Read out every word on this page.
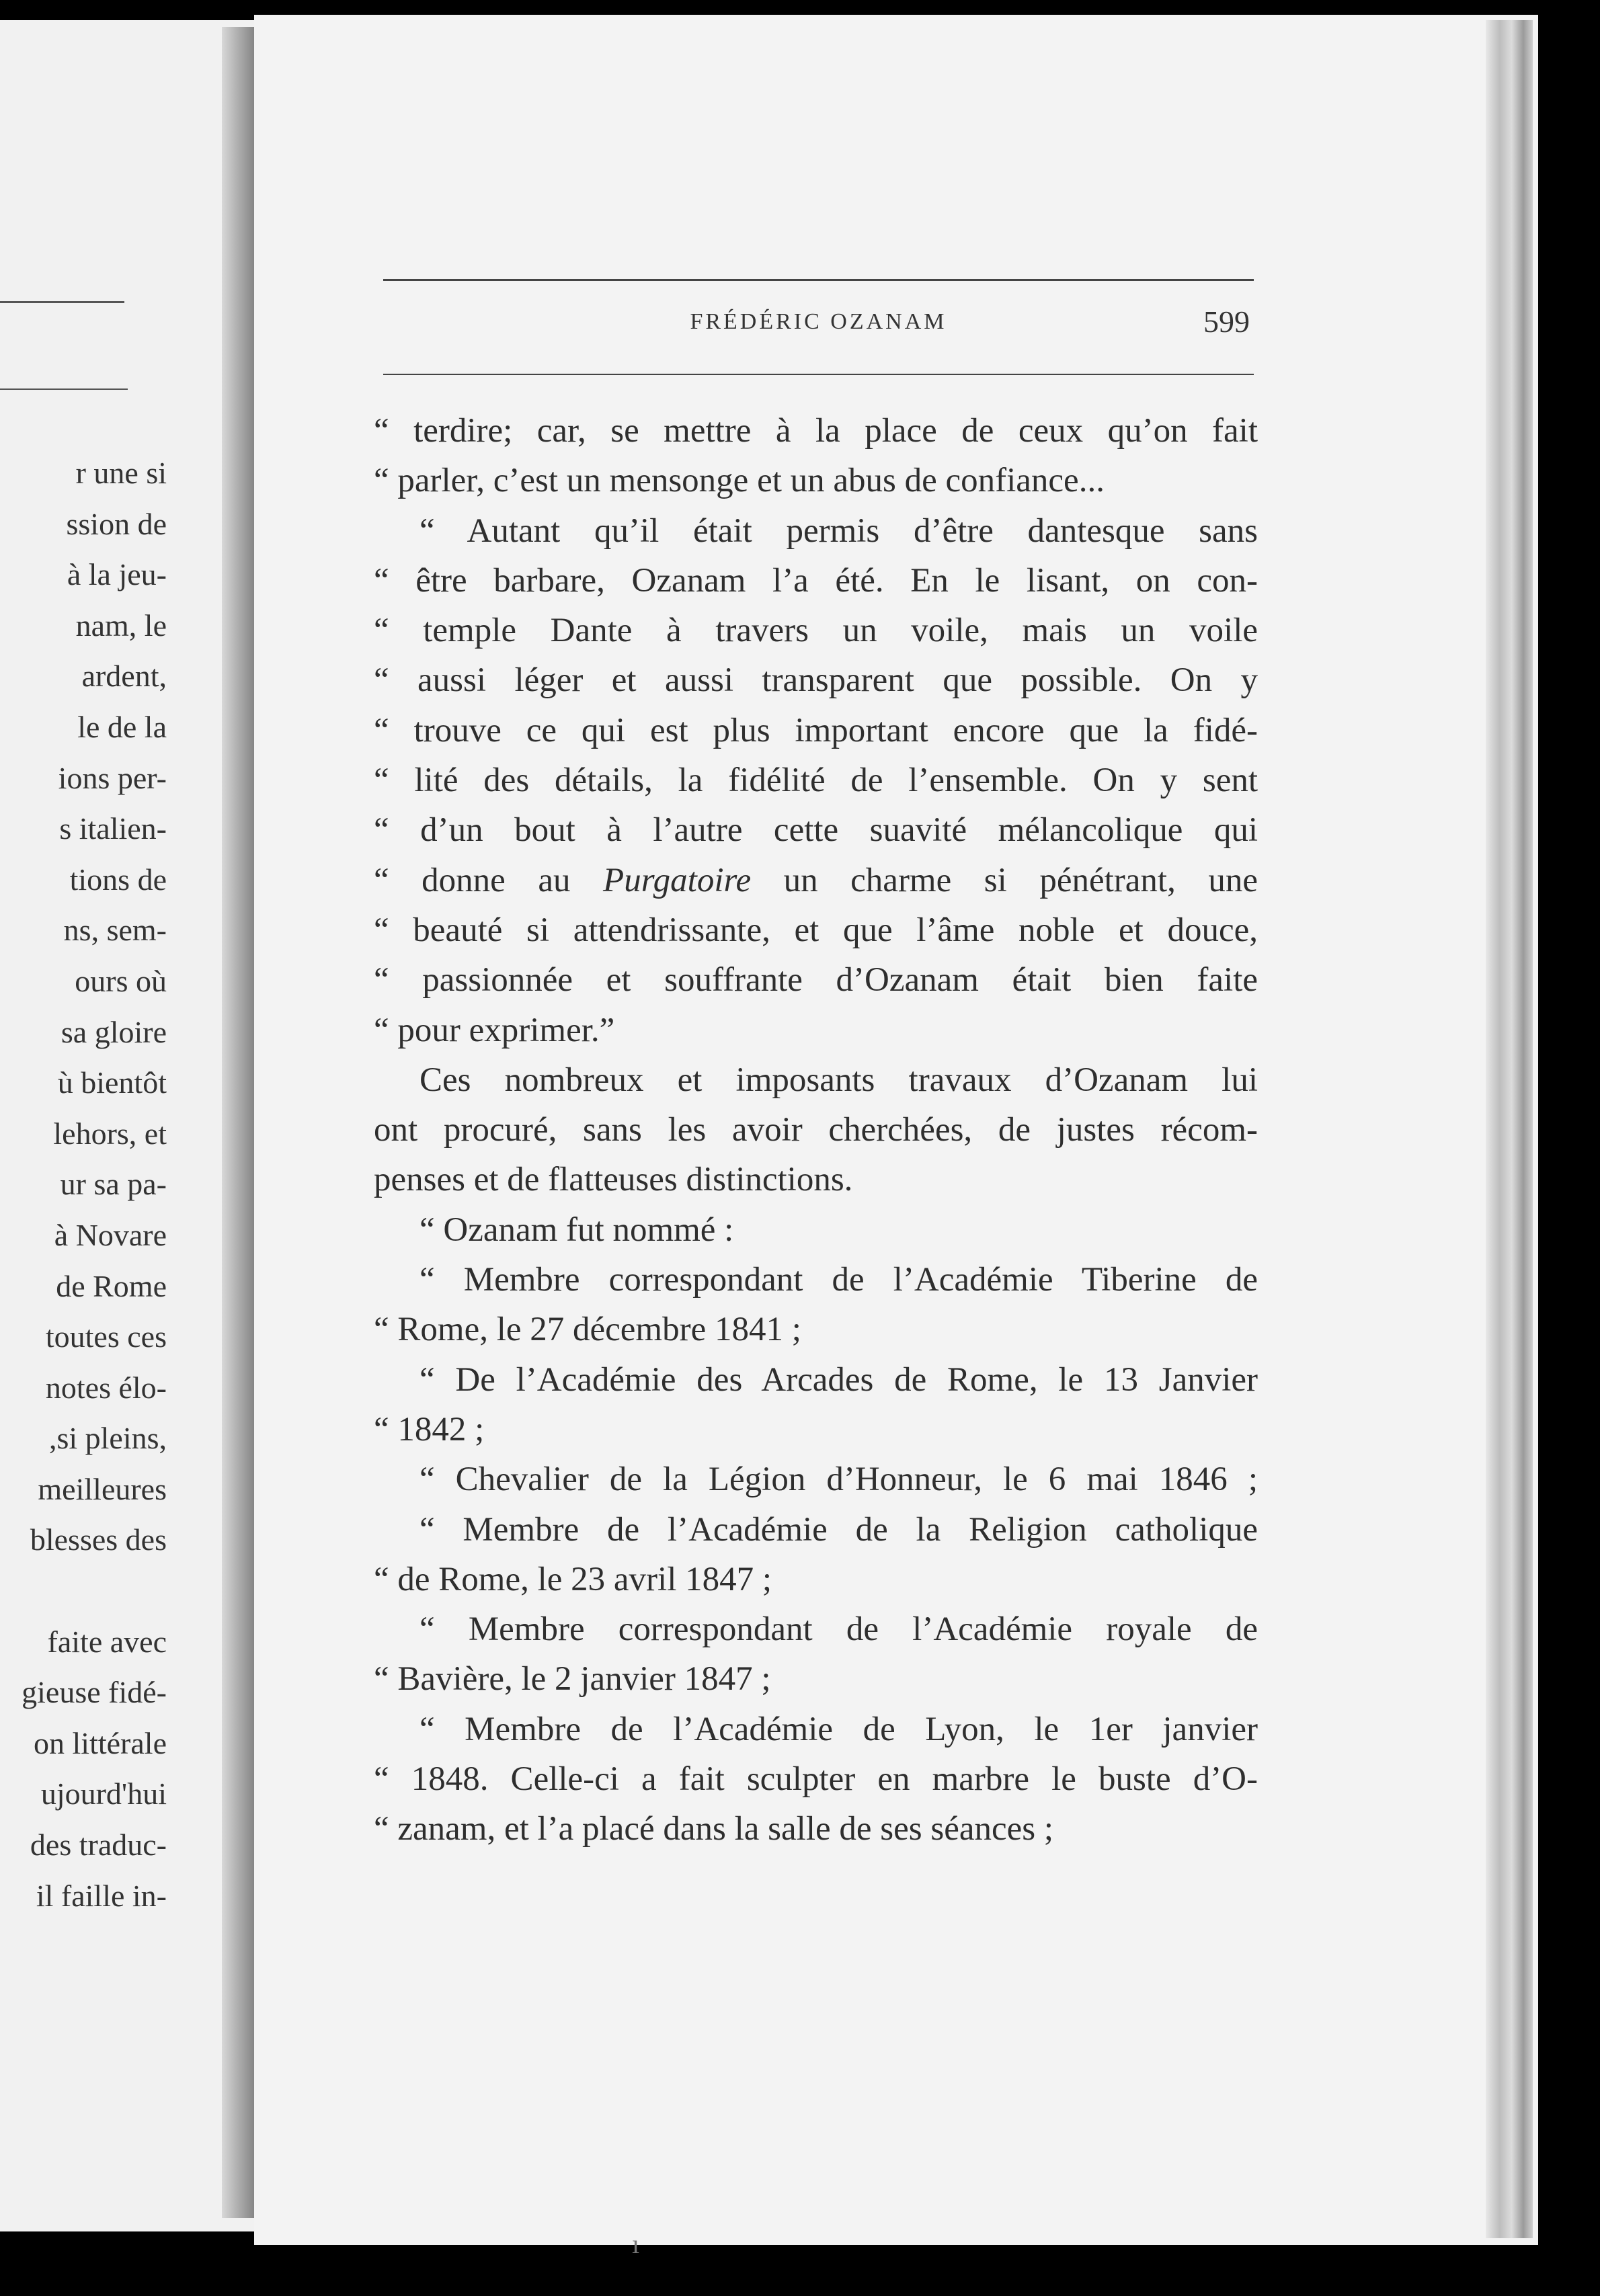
r une si
ssion de
à la jeu-
nam, le
ardent,
le de la
ions per-
s italien-
tions de
ns, sem-
ours où
sa gloire
ù bientôt
lehors, et
ur sa pa-
à Novare
de Rome
toutes ces
notes élo-
,si pleins,
meilleures
blesses des
faite avec
gieuse fidé-
on littérale
ujourd'hui
des traduc-
il faille in-
FRÉDÉRIC OZANAM	599
“ terdire; car, se mettre à la place de ceux qu’on fait
“ parler, c’est un mensonge et un abus de confiance...
“ Autant qu’il était permis d’être dantesque sans
“ être barbare, Ozanam l’a été. En le lisant, on con-
“ temple Dante à travers un voile, mais un voile
“ aussi léger et aussi transparent que possible. On y
“ trouve ce qui est plus important encore que la fidé-
“ lité des détails, la fidélité de l’ensemble. On y sent
“ d’un bout à l’autre cette suavité mélancolique qui
“ donne au Purgatoire un charme si pénétrant, une
“ beauté si attendrissante, et que l’âme noble et douce,
“ passionnée et souffrante d’Ozanam était bien faite
“ pour exprimer.”
Ces nombreux et imposants travaux d’Ozanam lui
ont procuré, sans les avoir cherchées, de justes récom-
penses et de flatteuses distinctions.
“ Ozanam fut nommé :
“ Membre correspondant de l’Académie Tiberine de
“ Rome, le 27 décembre 1841 ;
“ De l’Académie des Arcades de Rome, le 13 Janvier
“ 1842 ;
“ Chevalier de la Légion d’Honneur, le 6 mai 1846 ;
“ Membre de l’Académie de la Religion catholique
“ de Rome, le 23 avril 1847 ;
“ Membre correspondant de l’Académie royale de
“ Bavière, le 2 janvier 1847 ;
“ Membre de l’Académie de Lyon, le 1er janvier
“ 1848. Celle-ci a fait sculpter en marbre le buste d’O-
“ zanam, et l’a placé dans la salle de ses séances ;
ı
